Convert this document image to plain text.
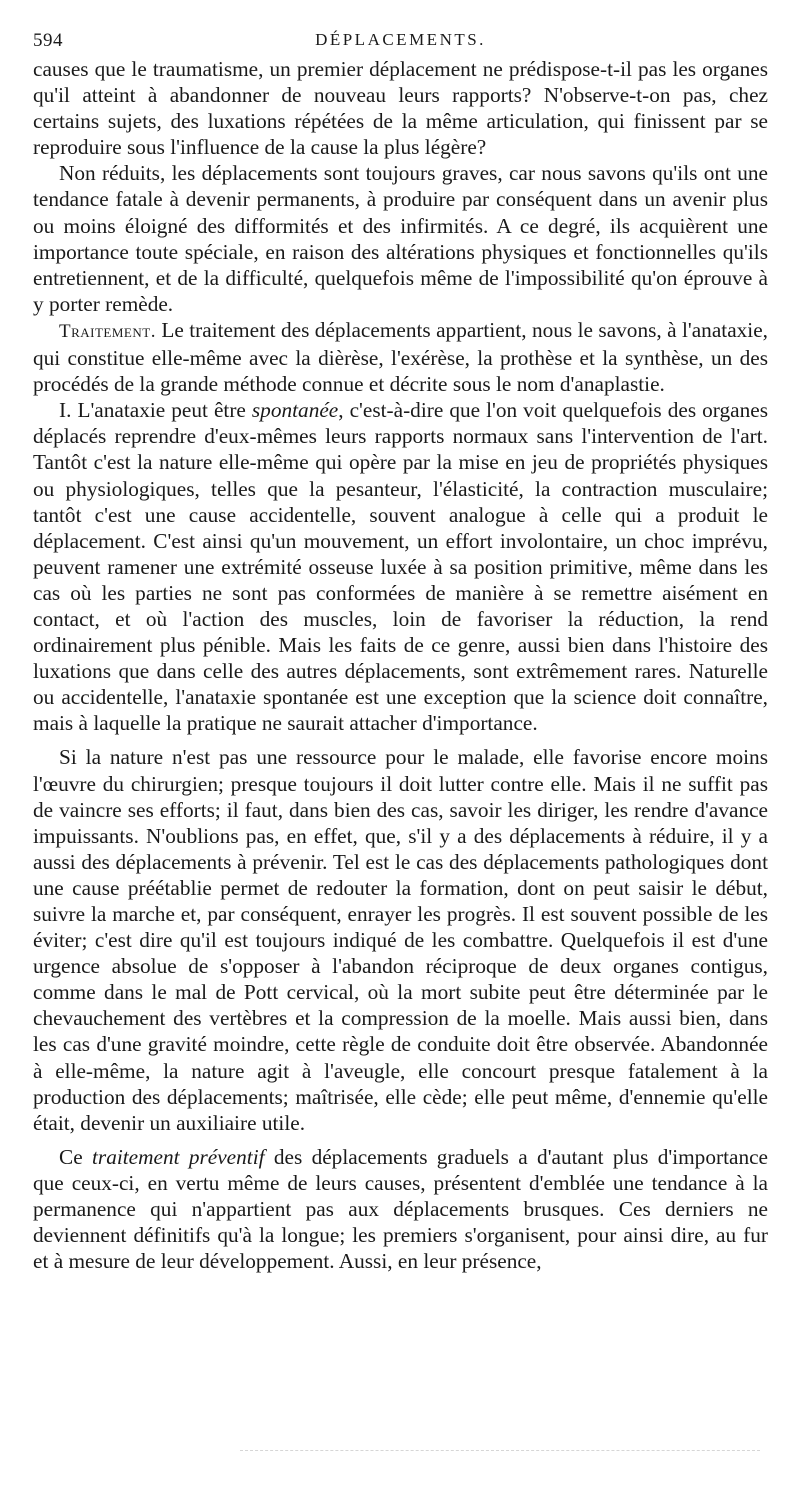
594	DÉPLACEMENTS.

causes que le traumatisme, un premier déplacement ne prédispose-t-il pas les organes qu'il atteint à abandonner de nouveau leurs rapports? N'observe-t-on pas, chez certains sujets, des luxations répétées de la même articulation, qui finissent par se reproduire sous l'influence de la cause la plus légère?

Non réduits, les déplacements sont toujours graves, car nous savons qu'ils ont une tendance fatale à devenir permanents, à produire par conséquent dans un avenir plus ou moins éloigné des difformités et des infirmités. A ce degré, ils acquièrent une importance toute spéciale, en raison des altérations physiques et fonctionnelles qu'ils entretiennent, et de la difficulté, quelquefois même de l'impossibilité qu'on éprouve à y porter remède.

Traitement. Le traitement des déplacements appartient, nous le savons, à l'anataxie, qui constitue elle-même avec la dièrèse, l'exérèse, la prothèse et la synthèse, un des procédés de la grande méthode connue et décrite sous le nom d'anaplastie.

I. L'anataxie peut être spontanée, c'est-à-dire que l'on voit quelquefois des organes déplacés reprendre d'eux-mêmes leurs rapports normaux sans l'intervention de l'art. Tantôt c'est la nature elle-même qui opère par la mise en jeu de propriétés physiques ou physiologiques, telles que la pesanteur, l'élasticité, la contraction musculaire; tantôt c'est une cause accidentelle, souvent analogue à celle qui a produit le déplacement. C'est ainsi qu'un mouvement, un effort involontaire, un choc imprévu, peuvent ramener une extrémité osseuse luxée à sa position primitive, même dans les cas où les parties ne sont pas conformées de manière à se remettre aisément en contact, et où l'action des muscles, loin de favoriser la réduction, la rend ordinairement plus pénible. Mais les faits de ce genre, aussi bien dans l'histoire des luxations que dans celle des autres déplacements, sont extrêmement rares. Naturelle ou accidentelle, l'anataxie spontanée est une exception que la science doit connaître, mais à laquelle la pratique ne saurait attacher d'importance.

Si la nature n'est pas une ressource pour le malade, elle favorise encore moins l'œuvre du chirurgien; presque toujours il doit lutter contre elle. Mais il ne suffit pas de vaincre ses efforts; il faut, dans bien des cas, savoir les diriger, les rendre d'avance impuissants. N'oublions pas, en effet, que, s'il y a des déplacements à réduire, il y a aussi des déplacements à prévenir. Tel est le cas des déplacements pathologiques dont une cause préétablie permet de redouter la formation, dont on peut saisir le début, suivre la marche et, par conséquent, enrayer les progrès. Il est souvent possible de les éviter; c'est dire qu'il est toujours indiqué de les combattre. Quelquefois il est d'une urgence absolue de s'opposer à l'abandon réciproque de deux organes contigus, comme dans le mal de Pott cervical, où la mort subite peut être déterminée par le chevauchement des vertèbres et la compression de la moelle. Mais aussi bien, dans les cas d'une gravité moindre, cette règle de conduite doit être observée. Abandonnée à elle-même, la nature agit à l'aveugle, elle concourt presque fatalement à la production des déplacements; maîtrisée, elle cède; elle peut même, d'ennemie qu'elle était, devenir un auxiliaire utile.

Ce traitement préventif des déplacements graduels a d'autant plus d'importance que ceux-ci, en vertu même de leurs causes, présentent d'emblée une tendance à la permanence qui n'appartient pas aux déplacements brusques. Ces derniers ne deviennent définitifs qu'à la longue; les premiers s'organisent, pour ainsi dire, au fur et à mesure de leur développement. Aussi, en leur présence,
